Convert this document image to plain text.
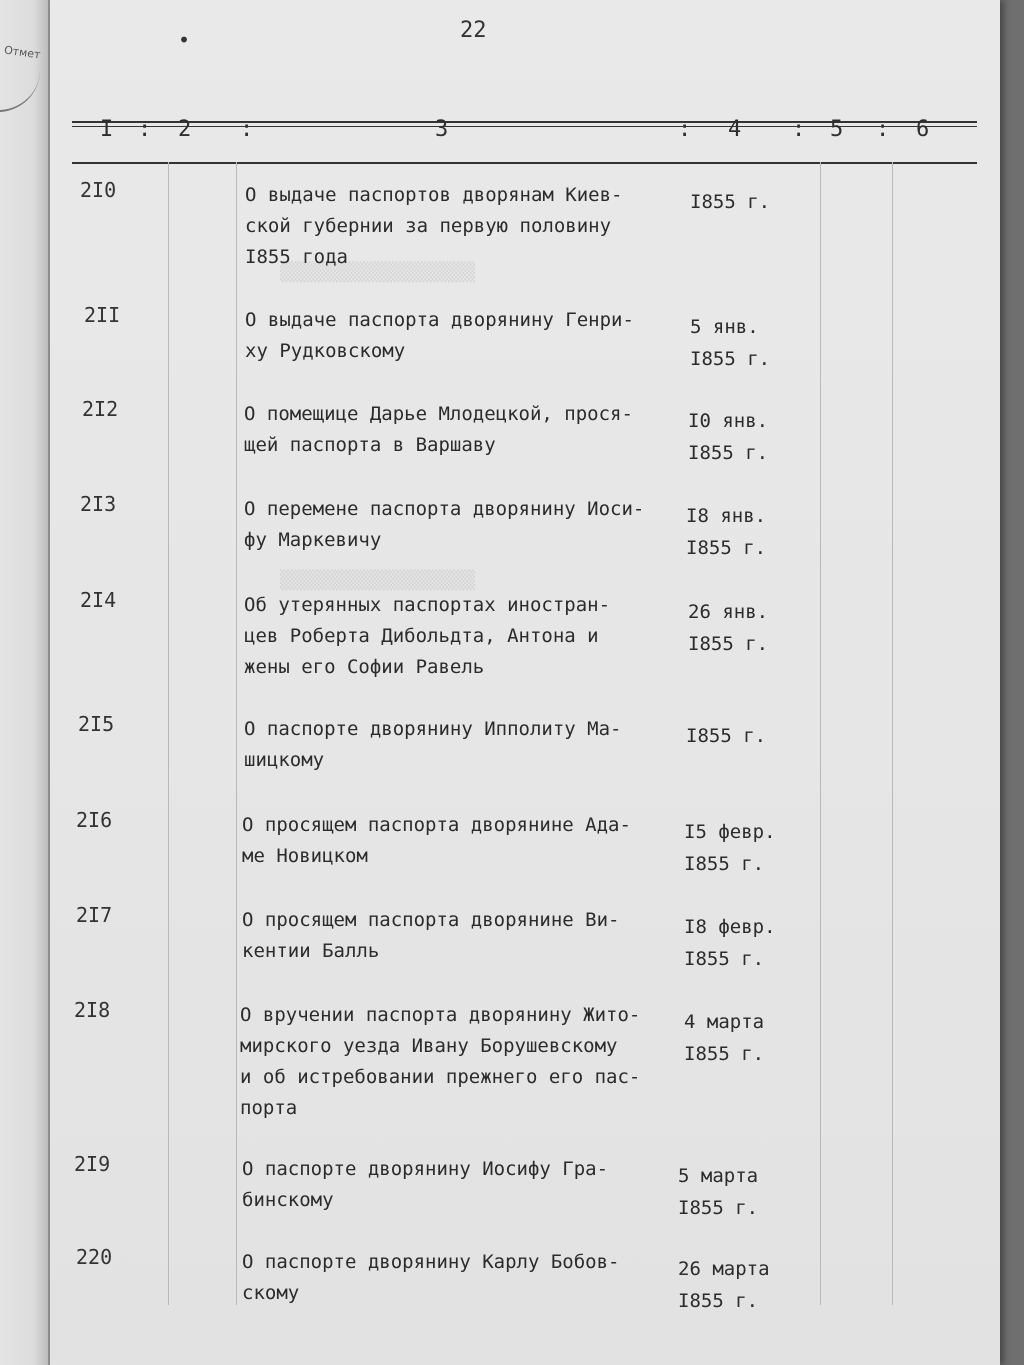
Отмет
•	22
I : 2 :	3	: 4 : 5 : 6
▒▒▒▒▒▒▒▒▒▒▒▒▒▒▒▒▒▒
▒▒▒▒▒▒▒▒▒▒▒▒▒▒▒▒▒▒
2I0	О выдаче паспортов дворянам Киев-
ской губернии за первую половину
I855 года
I855 г.
2II	О выдаче паспорта дворянину Генри-
ху Рудковскому
5 янв.
I855 г.
2I2	О помещице Дарье Млодецкой, прося-
щей паспорта в Варшаву
I0 янв.
I855 г.
2I3	О перемене паспорта дворянину Иоси-
фу Маркевичу
I8 янв.
I855 г.
2I4	Об утерянных паспортах иностран-
цев Роберта Дибольдта, Антона и
жены его Софии Равель
26 янв.
I855 г.
2I5	О паспорте дворянину Ипполиту Ма-
шицкому
I855 г.
2I6	О просящем паспорта дворянине Ада-
ме Новицком
I5 февр.
I855 г.
2I7	О просящем паспорта дворянине Ви-
кентии Балль
I8 февр.
I855 г.
2I8	О вручении паспорта дворянину Жито-
мирского уезда Ивану Борушевскому
и об истребовании прежнего его пас-
порта
4 марта
I855 г.
2I9	О паспорте дворянину Иосифу Гра-
бинскому
5 марта
I855 г.
220	О паспорте дворянину Карлу Бобов-
скому
26 марта
I855 г.
